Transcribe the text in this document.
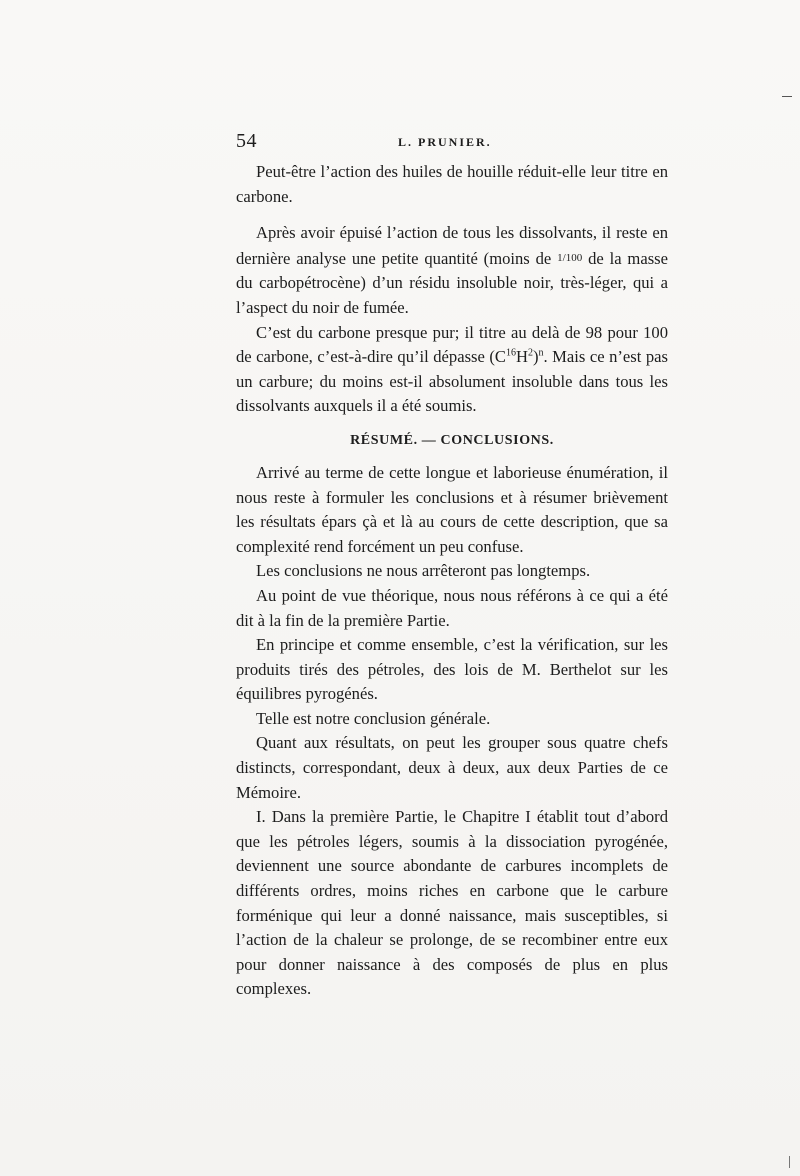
54	L. PRUNIER.

Peut-être l’action des huiles de houille réduit-elle leur titre en carbone.

Après avoir épuisé l’action de tous les dissolvants, il reste en dernière analyse une petite quantité (moins de 1/100 de la masse du carbopétrocène) d’un résidu insoluble noir, très-léger, qui a l’aspect du noir de fumée.

C’est du carbone presque pur; il titre au delà de 98 pour 100 de carbone, c’est-à-dire qu’il dépasse $(C^{16}H^2)^n$. Mais ce n’est pas un carbure; du moins est-il absolument insoluble dans tous les dissolvants auxquels il a été soumis.

RÉSUMÉ. — CONCLUSIONS.

Arrivé au terme de cette longue et laborieuse énumération, il nous reste à formuler les conclusions et à résumer brièvement les résultats épars çà et là au cours de cette description, que sa complexité rend forcément un peu confuse.

Les conclusions ne nous arrêteront pas longtemps.

Au point de vue théorique, nous nous référons à ce qui a été dit à la fin de la première Partie.

En principe et comme ensemble, c’est la vérification, sur les produits tirés des pétroles, des lois de M. Berthelot sur les équilibres pyrogénés.

Telle est notre conclusion générale.

Quant aux résultats, on peut les grouper sous quatre chefs distincts, correspondant, deux à deux, aux deux Parties de ce Mémoire.

I. Dans la première Partie, le Chapitre I établit tout d’abord que les pétroles légers, soumis à la dissociation pyrogénée, deviennent une source abondante de carbures incomplets de différents ordres, moins riches en carbone que le carbure forménique qui leur a donné naissance, mais susceptibles, si l’action de la chaleur se prolonge, de se recombiner entre eux pour donner naissance à des composés de plus en plus complexes.
